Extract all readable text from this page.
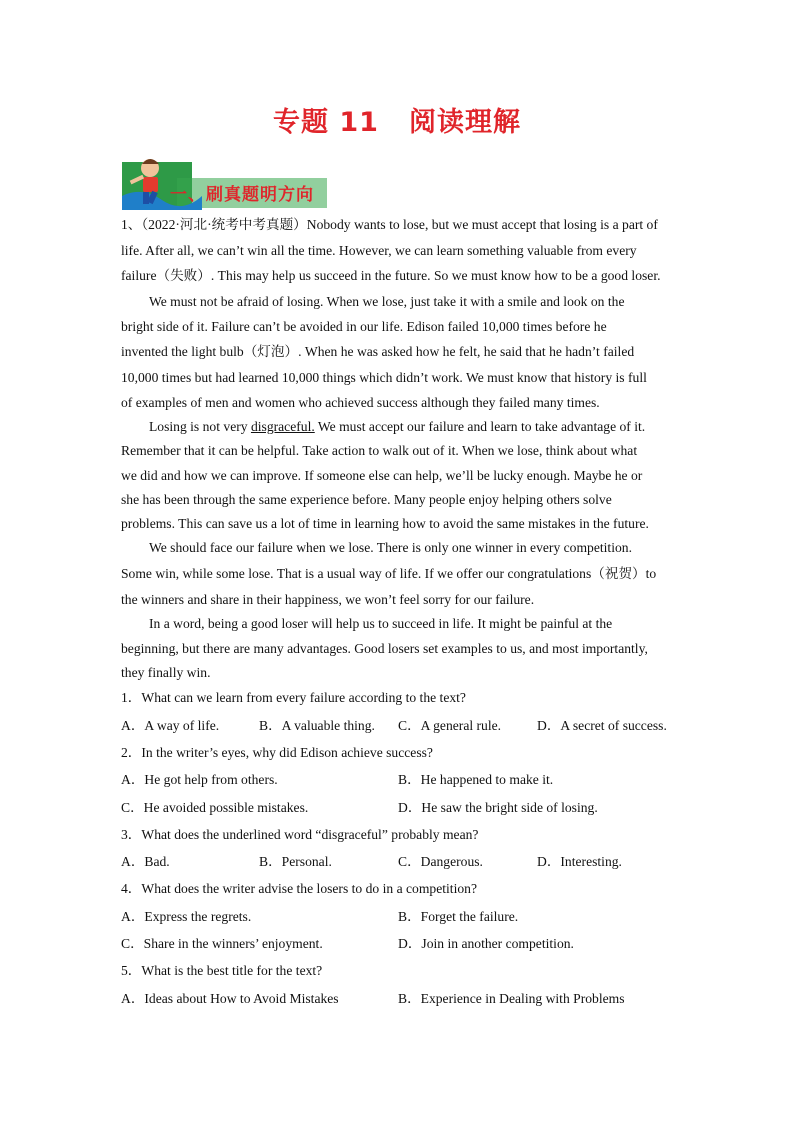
专题 11 阅读理解
一、刷真题明方向
1、（2022·河北·统考中考真题）Nobody wants to lose, but we must accept that losing is a part of
life. After all, we can’t win all the time. However, we can learn something valuable from every
failure（失败）. This may help us succeed in the future. So we must know how to be a good loser.
We must not be afraid of losing. When we lose, just take it with a smile and look on the
bright side of it. Failure can’t be avoided in our life. Edison failed 10,000 times before he
invented the light bulb（灯泡）. When he was asked how he felt, he said that he hadn’t failed
10,000 times but had learned 10,000 things which didn’t work. We must know that history is full
of examples of men and women who achieved success although they failed many times.
Losing is not very disgraceful. We must accept our failure and learn to take advantage of it.
Remember that it can be helpful. Take action to walk out of it. When we lose, think about what
we did and how we can improve. If someone else can help, we’ll be lucky enough. Maybe he or
she has been through the same experience before. Many people enjoy helping others solve
problems. This can save us a lot of time in learning how to avoid the same mistakes in the future.
We should face our failure when we lose. There is only one winner in every competition.
Some win, while some lose. That is a usual way of life. If we offer our congratulations（祝贺）to
the winners and share in their happiness, we won’t feel sorry for our failure.
In a word, being a good loser will help us to succeed in life. It might be painful at the
beginning, but there are many advantages. Good losers set examples to us, and most importantly,
they finally win.
1．What can we learn from every failure according to the text?
A．A way of life.	B．A valuable thing. C．A general rule.	D．A secret of success.
2．In the writer’s eyes, why did Edison achieve success?
A．He got help from others.	B．He happened to make it.
C．He avoided possible mistakes.	D．He saw the bright side of losing.
3．What does the underlined word “disgraceful” probably mean?
A．Bad.	B．Personal.	C．Dangerous.	D．Interesting.
4．What does the writer advise the losers to do in a competition?
A．Express the regrets.	B．Forget the failure.
C．Share in the winners’ enjoyment.	D．Join in another competition.
5．What is the best title for the text?
A．Ideas about How to Avoid Mistakes	B．Experience in Dealing with Problems
